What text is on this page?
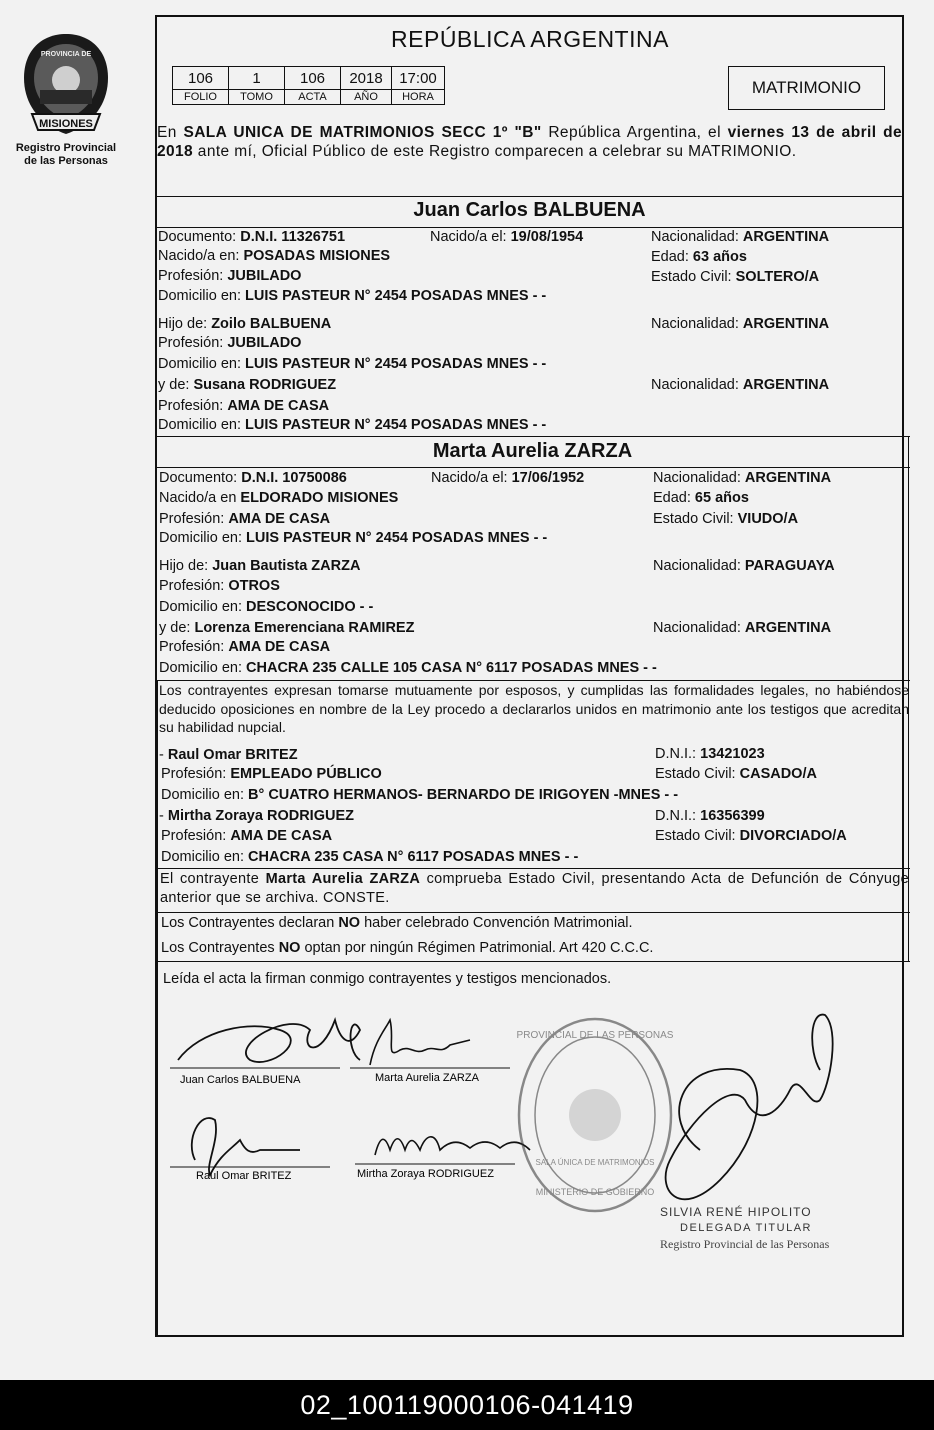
MISIONES
PROVINCIA DE
Registro Provincial
de las Personas
REPÚBLICA ARGENTINA
106	1	106	2018	17:00
FOLIO	TOMO	ACTA	AÑO	HORA	MATRIMONIO
En SALA UNICA DE MATRIMONIOS SECC 1º "B" República Argentina, el viernes 13 de abril de 2018 ante mí, Oficial Público de este Registro comparecen a celebrar su MATRIMONIO.
Juan Carlos BALBUENA
Documento: D.N.I. 11326751	Nacido/a el: 19/08/1954	Nacionalidad: ARGENTINA
Nacido/a en: POSADAS MISIONES	Edad: 63 años
Profesión: JUBILADO	Estado Civil: SOLTERO/A
Domicilio en: LUIS PASTEUR N° 2454 POSADAS MNES - -
Hijo de: Zoilo BALBUENA	Nacionalidad: ARGENTINA
Profesión: JUBILADO
Domicilio en: LUIS PASTEUR N° 2454 POSADAS MNES - -
y de: Susana RODRIGUEZ	Nacionalidad: ARGENTINA
Profesión: AMA DE CASA
Domicilio en: LUIS PASTEUR N° 2454 POSADAS MNES - -
Marta Aurelia ZARZA
Documento: D.N.I. 10750086	Nacido/a el: 17/06/1952	Nacionalidad: ARGENTINA
Nacido/a en ELDORADO MISIONES	Edad: 65 años
Profesión: AMA DE CASA	Estado Civil: VIUDO/A
Domicilio en: LUIS PASTEUR N° 2454 POSADAS MNES - -
Hijo de: Juan Bautista ZARZA	Nacionalidad: PARAGUAYA
Profesión: OTROS
Domicilio en: DESCONOCIDO - -
y de: Lorenza Emerenciana RAMIREZ	Nacionalidad: ARGENTINA
Profesión: AMA DE CASA
Domicilio en: CHACRA 235 CALLE 105 CASA N° 6117 POSADAS MNES - -
Los contrayentes expresan tomarse mutuamente por esposos, y cumplidas las formalidades legales, no habiéndose deducido oposiciones en nombre de la Ley procedo a declararlos unidos en matrimonio ante los testigos que acreditan su habilidad nupcial.
- Raul Omar BRITEZ	D.N.I.: 13421023
Profesión: EMPLEADO PÚBLICO	Estado Civil: CASADO/A
Domicilio en: B° CUATRO HERMANOS- BERNARDO DE IRIGOYEN -MNES - -
- Mirtha Zoraya RODRIGUEZ	D.N.I.: 16356399
Profesión: AMA DE CASA	Estado Civil: DIVORCIADO/A
Domicilio en: CHACRA 235 CASA N° 6117 POSADAS MNES - -
El contrayente Marta Aurelia ZARZA comprueba Estado Civil, presentando Acta de Defunción de Cónyuge anterior que se archiva. CONSTE.
Los Contrayentes declaran NO haber celebrado Convención Matrimonial.
Los Contrayentes NO optan por ningún Régimen Patrimonial. Art 420 C.C.C.
Leída el acta la firman conmigo contrayentes y testigos mencionados.
Juan Carlos BALBUENA	Marta Aurelia ZARZA
Raul Omar BRITEZ	Mirtha Zoraya RODRIGUEZ
PROVINCIAL DE LAS PERSONAS
SALA ÚNICA DE MATRIMONIOS
MINISTERIO DE GOBIERNO
SILVIA RENÉ HIPOLITO
DELEGADA TITULAR
Registro Provincial de las Personas
02_100119000106-041419
